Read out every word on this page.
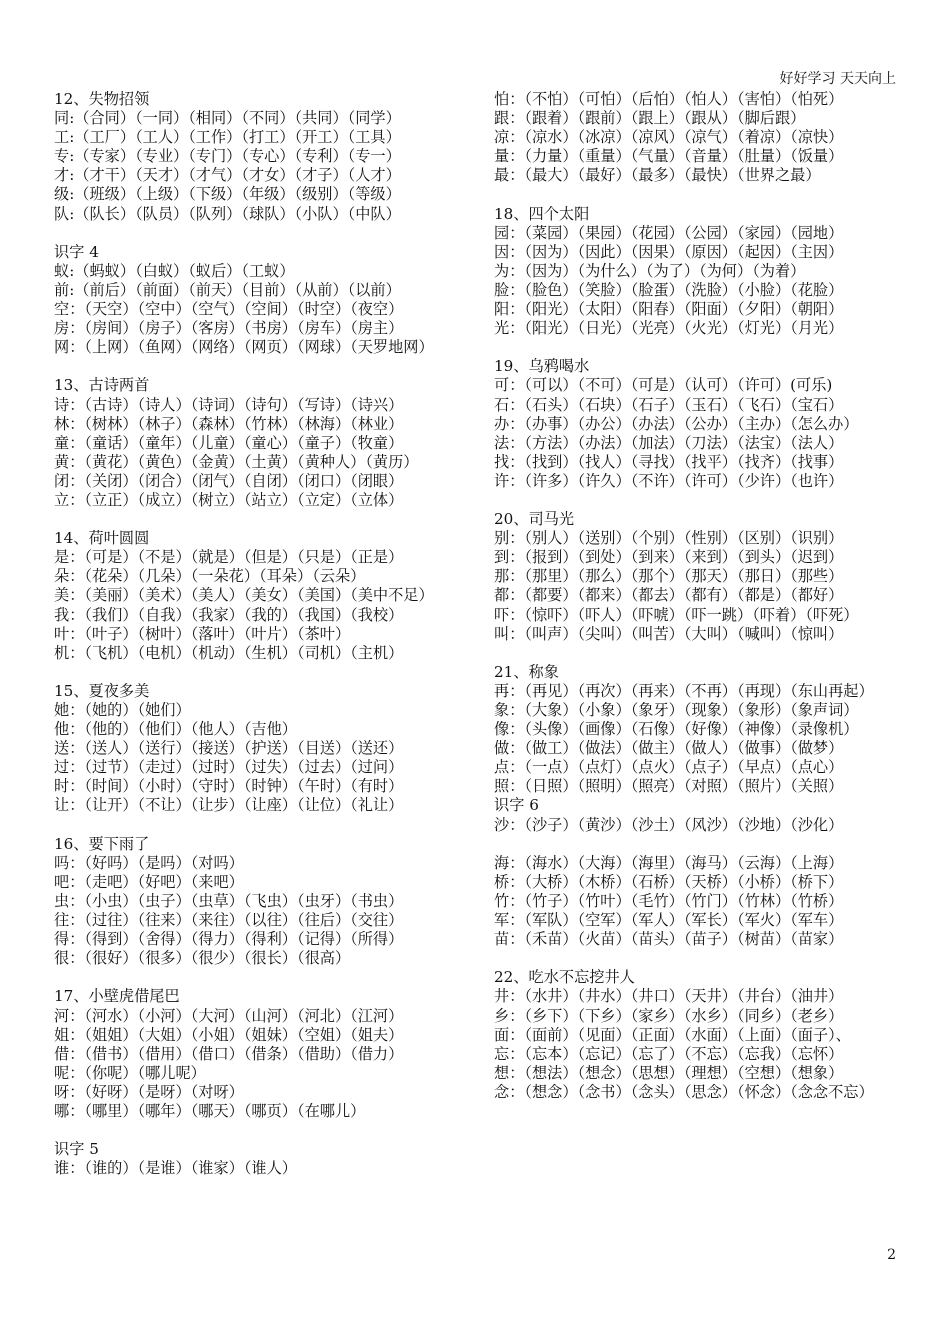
好好学习 天天向上
12、失物招领
同:（合同）（一同）（相同）（不同）（共同）（同学）
工:（工厂）（工人）（工作）（打工）（开工）（工具）
专:（专家）（专业）（专门）（专心）（专利）（专一）
才:（才干）（天才）（才气）（才女）（才子）（人才）
级:（班级）（上级）（下级）（年级）（级别）（等级）
队:（队长）（队员）（队列）（球队）（小队）（中队）
识字 4
蚁:（蚂蚁）（白蚁）（蚁后）（工蚁）
前:（前后）（前面）（前天）（目前）（从前）（以前）
空：（天空）（空中）（空气）（空间）（时空）（夜空）
房：（房间）（房子）（客房）（书房）（房车）（房主）
网：（上网）（鱼网）（网络）（网页）（网球）（天罗地网）
13、古诗两首
诗：（古诗）（诗人）（诗词）（诗句）（写诗）（诗兴）
林：（树林）（林子）（森林）（竹林）（林海）（林业）
童：（童话）（童年）（儿童）（童心）（童子）（牧童）
黄：（黄花）（黄色）（金黄）（土黄）（黄种人）（黄历）
闭：（关闭）（闭合）（闭气）（自闭）（闭口）（闭眼）
立：（立正）（成立）（树立）（站立）（立定）（立体）
14、荷叶圆圆
是：（可是）（不是）（就是）（但是）（只是）（正是）
朵：（花朵）（几朵）（一朵花）（耳朵）（云朵）
美：（美丽）（美术）（美人）（美女）（美国）（美中不足）
我：（我们）（自我）（我家）（我的）（我国）（我校）
叶：（叶子）（树叶）（落叶）（叶片）（茶叶）
机：（飞机）（电机）（机动）（生机）（司机）（主机）
15、夏夜多美
她：（她的）（她们）
他：（他的）（他们）（他人）（吉他）
送：（送人）（送行）（接送）（护送）（目送）（送还）
过：（过节）（走过）（过时）（过失）（过去）（过问）
时：（时间）（小时）（守时）（时钟）（午时）（有时）
让：（让开）（不让）（让步）（让座）（让位）（礼让）
16、要下雨了
吗：（好吗）（是吗）（对吗）
吧：（走吧）（好吧）（来吧）
虫：（小虫）（虫子）（虫草）（飞虫）（虫牙）（书虫）
往：（过往）（往来）（来往）（以往）（往后）（交往）
得：（得到）（舍得）（得力）（得利）（记得）（所得）
很：（很好）（很多）（很少）（很长）（很高）
17、小壁虎借尾巴
河：（河水）（小河）（大河）（山河）（河北）（江河）
姐：（姐姐）（大姐）（小姐）（姐妹）（空姐）（姐夫）
借：（借书）（借用）（借口）（借条）（借助）（借力）
呢：（你呢）（哪儿呢）
呀：（好呀）（是呀）（对呀）
哪：（哪里）（哪年）（哪天）（哪页）（在哪儿）
识字 5
谁：（谁的）（是谁）（谁家）（谁人）
怕：（不怕）（可怕）（后怕）（怕人）（害怕）（怕死）
跟：（跟着）（跟前）（跟上）（跟从）（脚后跟）
凉：（凉水）（冰凉）（凉风）（凉气）（着凉）（凉快）
量：（力量）（重量）（气量）（音量）（肚量）（饭量）
最：（最大）（最好）（最多）（最快）（世界之最）
18、四个太阳
园：（菜园）（果园）（花园）（公园）（家园）（园地）
因：（因为）（因此）（因果）（原因）（起因）（主因）
为：（因为）（为什么）（为了）（为何）（为着）
脸：（脸色）（笑脸）（脸蛋）（洗脸）（小脸）（花脸）
阳：（阳光）（太阳）（阳春）（阳面）（夕阳）（朝阳）
光：（阳光）（日光）（光亮）（火光）（灯光）（月光）
19、乌鸦喝水
可：（可以）（不可）（可是）（认可）（许可）(可乐)
石：（石头）（石块）（石子）（玉石）（飞石）（宝石）
办：（办事）（办公）（办法）（公办）（主办）（怎么办）
法：（方法）（办法）（加法）（刀法）（法宝）（法人）
找：（找到）（找人）（寻找）（找平）（找齐）（找事）
许：（许多）（许久）（不许）（许可）（少许）（也许）
20、司马光
别：（别人）（送别）（个别）（性别）（区别）（识别）
到：（报到）（到处）（到来）（来到）（到头）（迟到）
那：（那里）（那么）（那个）（那天）（那日）（那些）
都：（都要）（都来）（都去）（都有）（都是）（都好）
吓：（惊吓）（吓人）（吓唬）（吓一跳）（吓着）（吓死）
叫：（叫声）（尖叫）（叫苦）（大叫）（喊叫）（惊叫）
21、称象
再：（再见）（再次）（再来）（不再）（再现）（东山再起）
象：（大象）（小象）（象牙）（现象）（象形）（象声词）
像：（头像）（画像）（石像）（好像）（神像）（录像机）
做：（做工）（做法）（做主）（做人）（做事）（做梦）
点：（一点）（点灯）（点火）（点子）（早点）（点心）
照：（日照）（照明）（照亮）（对照）（照片）（关照）
识字 6
沙：（沙子）（黄沙）（沙土）（风沙）（沙地）（沙化）
海：（海水）（大海）（海里）（海马）（云海）（上海）
桥：（大桥）（木桥）（石桥）（天桥）（小桥）（桥下）
竹：（竹子）（竹叶）（毛竹）（竹门）（竹林）（竹桥）
军：（军队）（空军）（军人）（军长）（军火）（军车）
苗：（禾苗）（火苗）（苗头）（苗子）（树苗）（苗家）
22、吃水不忘挖井人
井：（水井）（井水）（井口）（天井）（井台）（油井）
乡：（乡下）（下乡）（家乡）（水乡）（同乡）（老乡）
面：（面前）（见面）（正面）（水面）（上面）（面子）、
忘：（忘本）（忘记）（忘了）（不忘）（忘我）（忘怀）
想：（想法）（想念）（思想）（理想）（空想）（想象）
念：（想念）（念书）（念头）（思念）（怀念）（念念不忘）
2
